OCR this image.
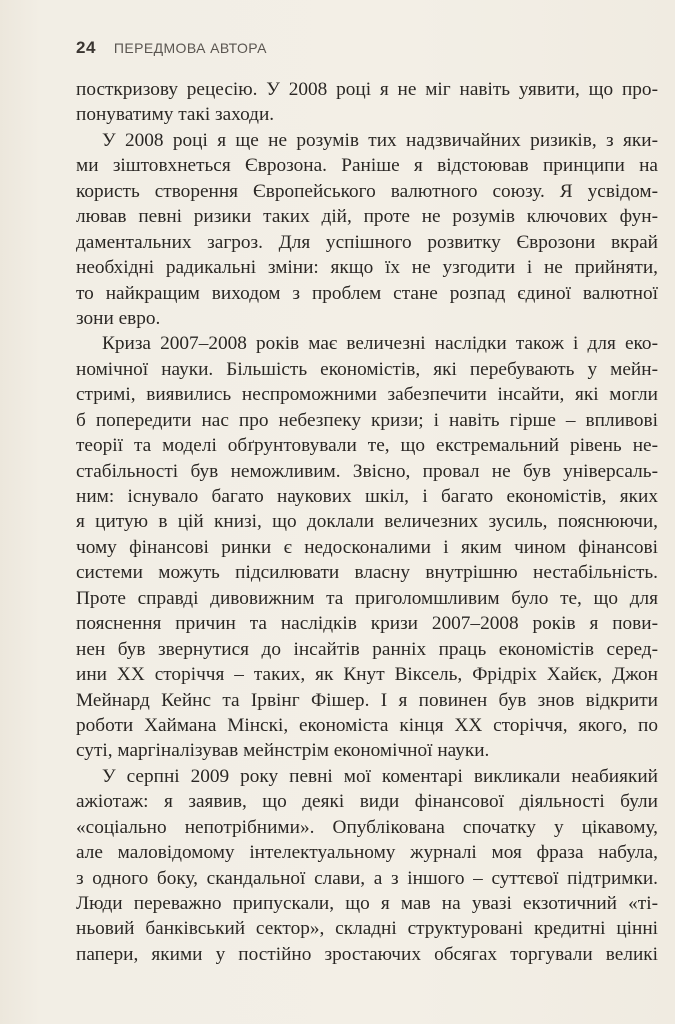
24 ПЕРЕДМОВА АВТОРА
посткризову рецесію. У 2008 році я не міг навіть уявити, що про-
понуватиму такі заходи.
У 2008 році я ще не розумів тих надзвичайних ризиків, з яки-
ми зіштовхнеться Єврозона. Раніше я відстоював принципи на
користь створення Європейського валютного союзу. Я усвідом-
лював певні ризики таких дій, проте не розумів ключових фун-
даментальних загроз. Для успішного розвитку Єврозони вкрай
необхідні радикальні зміни: якщо їх не узгодити і не прийняти,
то найкращим виходом з проблем стане розпад єдиної валютної
зони евро.
Криза 2007–2008 років має величезні наслідки також і для еко-
номічної науки. Більшість економістів, які перебувають у мейн-
стримі, виявились неспроможними забезпечити інсайти, які могли
б попередити нас про небезпеку кризи; і навіть гірше – впливові
теорії та моделі обґрунтовували те, що екстремальний рівень не-
стабільності був неможливим. Звісно, провал не був універсаль-
ним: існувало багато наукових шкіл, і багато економістів, яких
я цитую в цій книзі, що доклали величезних зусиль, пояснюючи,
чому фінансові ринки є недосконалими і яким чином фінансові
системи можуть підсилювати власну внутрішню нестабільність.
Проте справді дивовижним та приголомшливим було те, що для
пояснення причин та наслідків кризи 2007–2008 років я пови-
нен був звернутися до інсайтів ранніх праць економістів серед-
ини XX сторіччя – таких, як Кнут Віксель, Фрідріх Хайєк, Джон
Мейнард Кейнс та Ірвінг Фішер. І я повинен був знов відкрити
роботи Хаймана Мінскі, економіста кінця XX сторіччя, якого, по
суті, маргіналізував мейнстрім економічної науки.
У серпні 2009 року певні мої коментарі викликали неабиякий
ажіотаж: я заявив, що деякі види фінансової діяльності були
«соціально непотрібними». Опублікована спочатку у цікавому,
але маловідомому інтелектуальному журналі моя фраза набула,
з одного боку, скандальної слави, а з іншого – суттєвої підтримки.
Люди переважно припускали, що я мав на увазі екзотичний «ті-
ньовий банківський сектор», складні структуровані кредитні цінні
папери, якими у постійно зростаючих обсягах торгували великі
